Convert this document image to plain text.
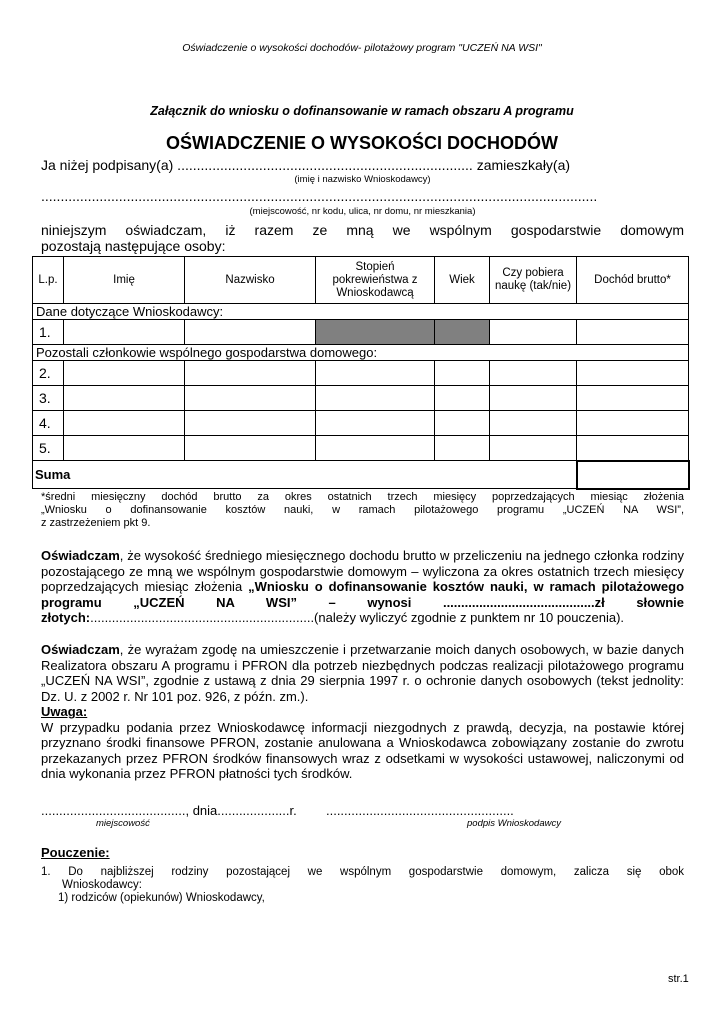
Oświadczenie o wysokości dochodów- pilotażowy program "UCZEŃ NA WSI"
Załącznik do wniosku o dofinansowanie w ramach obszaru A programu
OŚWIADCZENIE O WYSOKOŚCI DOCHODÓW
Ja niżej podpisany(a) ............................................................................ zamieszkały(a)
(imię i nazwisko Wnioskodawcy)
...............................................................................................................................................
(miejscowość, nr kodu, ulica, nr domu, nr mieszkania)
niniejszym oświadczam, iż razem ze mną we wspólnym gospodarstwie domowym
pozostają następujące osoby:
L.p.	Imię	Nazwisko	Stopień pokrewieństwa z Wnioskodawcą	Wiek	Czy pobiera naukę (tak/nie)	Dochód brutto*
Dane dotyczące Wnioskodawcy:						
1.						
Pozostali członkowie wspólnego gospodarstwa domowego:						
2.						
3.						
4.						
5.						
Suma						
*średni miesięczny dochód brutto za okres ostatnich trzech miesięcy poprzedzających miesiąc złożenia
„Wniosku o dofinansowanie kosztów nauki, w ramach pilotażowego programu „UCZEŃ NA WSI”,
z zastrzeżeniem pkt 9.

Oświadczam, że wysokość średniego miesięcznego dochodu brutto w przeliczeniu na jednego członka rodziny pozostającego ze mną we wspólnym gospodarstwie domowym – wyliczona za okres ostatnich trzech miesięcy poprzedzających miesiąc złożenia „Wniosku o dofinansowanie kosztów nauki, w ramach pilotażowego programu „UCZEŃ NA WSI” – wynosi ..........................................zł słownie złotych:..............................................................(należy wyliczyć zgodnie z punktem nr 10 pouczenia).

Oświadczam, że wyrażam zgodę na umieszczenie i przetwarzanie moich danych osobowych, w bazie danych Realizatora obszaru A programu i PFRON dla potrzeb niezbędnych podczas realizacji pilotażowego programu „UCZEŃ NA WSI”, zgodnie z ustawą z dnia 29 sierpnia 1997 r. o ochronie danych osobowych (tekst jednolity: Dz. U. z 2002 r. Nr 101 poz. 926, z późn. zm.).

Uwaga:

W przypadku podania przez Wnioskodawcę informacji niezgodnych z prawdą, decyzja, na postawie której przyznano środki finansowe PFRON, zostanie anulowana a Wnioskodawca zobowiązany zostanie do zwrotu przekazanych przez PFRON środków finansowych wraz z odsetkami w wysokości ustawowej, naliczonymi od dnia wykonania przez PFRON płatności tych środków.

........................................, dnia....................r. ....................................................
miejscowość	podpis Wnioskodawcy
Pouczenie:
1. Do najbliższej rodziny pozostającej we wspólnym gospodarstwie domowym, zalicza się obok
Wnioskodawcy:
1) rodziców (opiekunów) Wnioskodawcy,
str.1
